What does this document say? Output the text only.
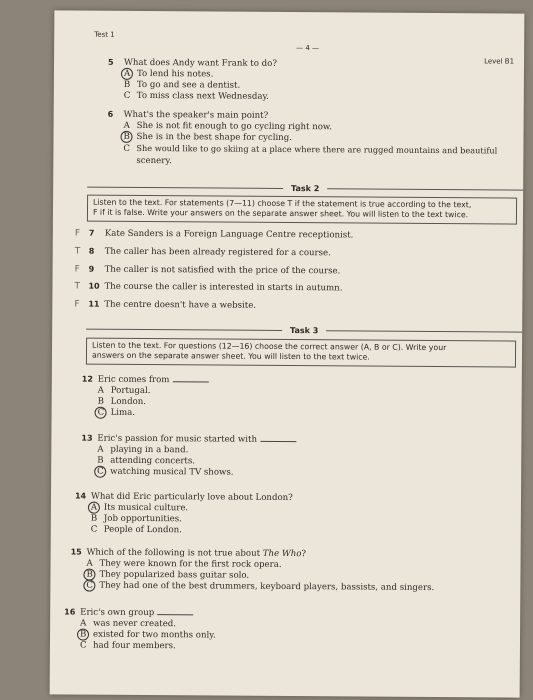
Test 1
— 4 —
Level B1
5	What does Andy want Frank to do?
A To lend his notes.
B To go and see a dentist.
C To miss class next Wednesday.
6	What's the speaker's main point?
A She is not fit enough to go cycling right now.
B She is in the best shape for cycling.
C She would like to go skiing at a place where there are rugged mountains and beautiful
scenery.
Task 2
Listen to the text. For statements (7—11) choose T if the statement is true according to the text,
F if it is false. Write your answers on the separate answer sheet. You will listen to the text twice.
F	7	Kate Sanders is a Foreign Language Centre receptionist.
T	8	The caller has been already registered for a course.
F	9	The caller is not satisfied with the price of the course.
T	10 The course the caller is interested in starts in autumn.
F	11 The centre doesn't have a website.
Task 3
Listen to the text. For questions (12—16) choose the correct answer (A, B or C). Write your
answers on the separate answer sheet. You will listen to the text twice.
12 Eric comes from
A Portugal.
B London.
C Lima.
13 Eric's passion for music started with
A playing in a band.
B attending concerts.
C watching musical TV shows.
14 What did Eric particularly love about London?
A Its musical culture.
B Job opportunities.
C People of London.
15 Which of the following is not true about The Who?
A They were known for the first rock opera.
B They popularized bass guitar solo.
C They had one of the best drummers, keyboard players, bassists, and singers.
16 Eric's own group
A was never created.
B existed for two months only.
C had four members.
